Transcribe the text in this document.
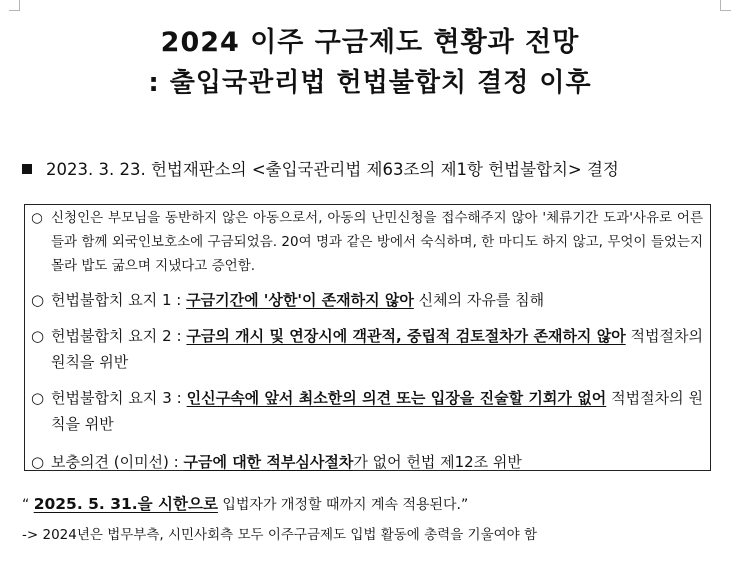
2024 이주 구금제도 현황과 전망
: 출입국관리법 헌법불합치 결정 이후
2023. 3. 23. 헌법재판소의 <출입국관리법 제63조의 제1항 헌법불합치> 결정
○ 신청인은 부모님을 동반하지 않은 아동으로서, 아동의 난민신청을 접수해주지 않아 '체류기간 도과'사유로 어른들과 함께 외국인보호소에 구금되었음. 20여 명과 같은 방에서 숙식하며, 한 마디도 하지 않고, 무엇이 들었는지 몰라 밥도 굶으며 지냈다고 증언함.
○ 헌법불합치 요지 1 : 구금기간에 '상한'이 존재하지 않아 신체의 자유를 침해
○ 헌법불합치 요지 2 : 구금의 개시 및 연장시에 객관적, 중립적 검토절차가 존재하지 않아 적법절차의 원칙을 위반
○ 헌법불합치 요지 3 : 인신구속에 앞서 최소한의 의견 또는 입장을 진술할 기회가 없어 적법절차의 원칙을 위반
○ 보충의견 (이미선) : 구금에 대한 적부심사절차가 없어 헌법 제12조 위반
“ 2025. 5. 31.을 시한으로 입법자가 개정할 때까지 계속 적용된다.”
-> 2024년은 법무부측, 시민사회측 모두 이주구금제도 입법 활동에 총력을 기울여야 함
